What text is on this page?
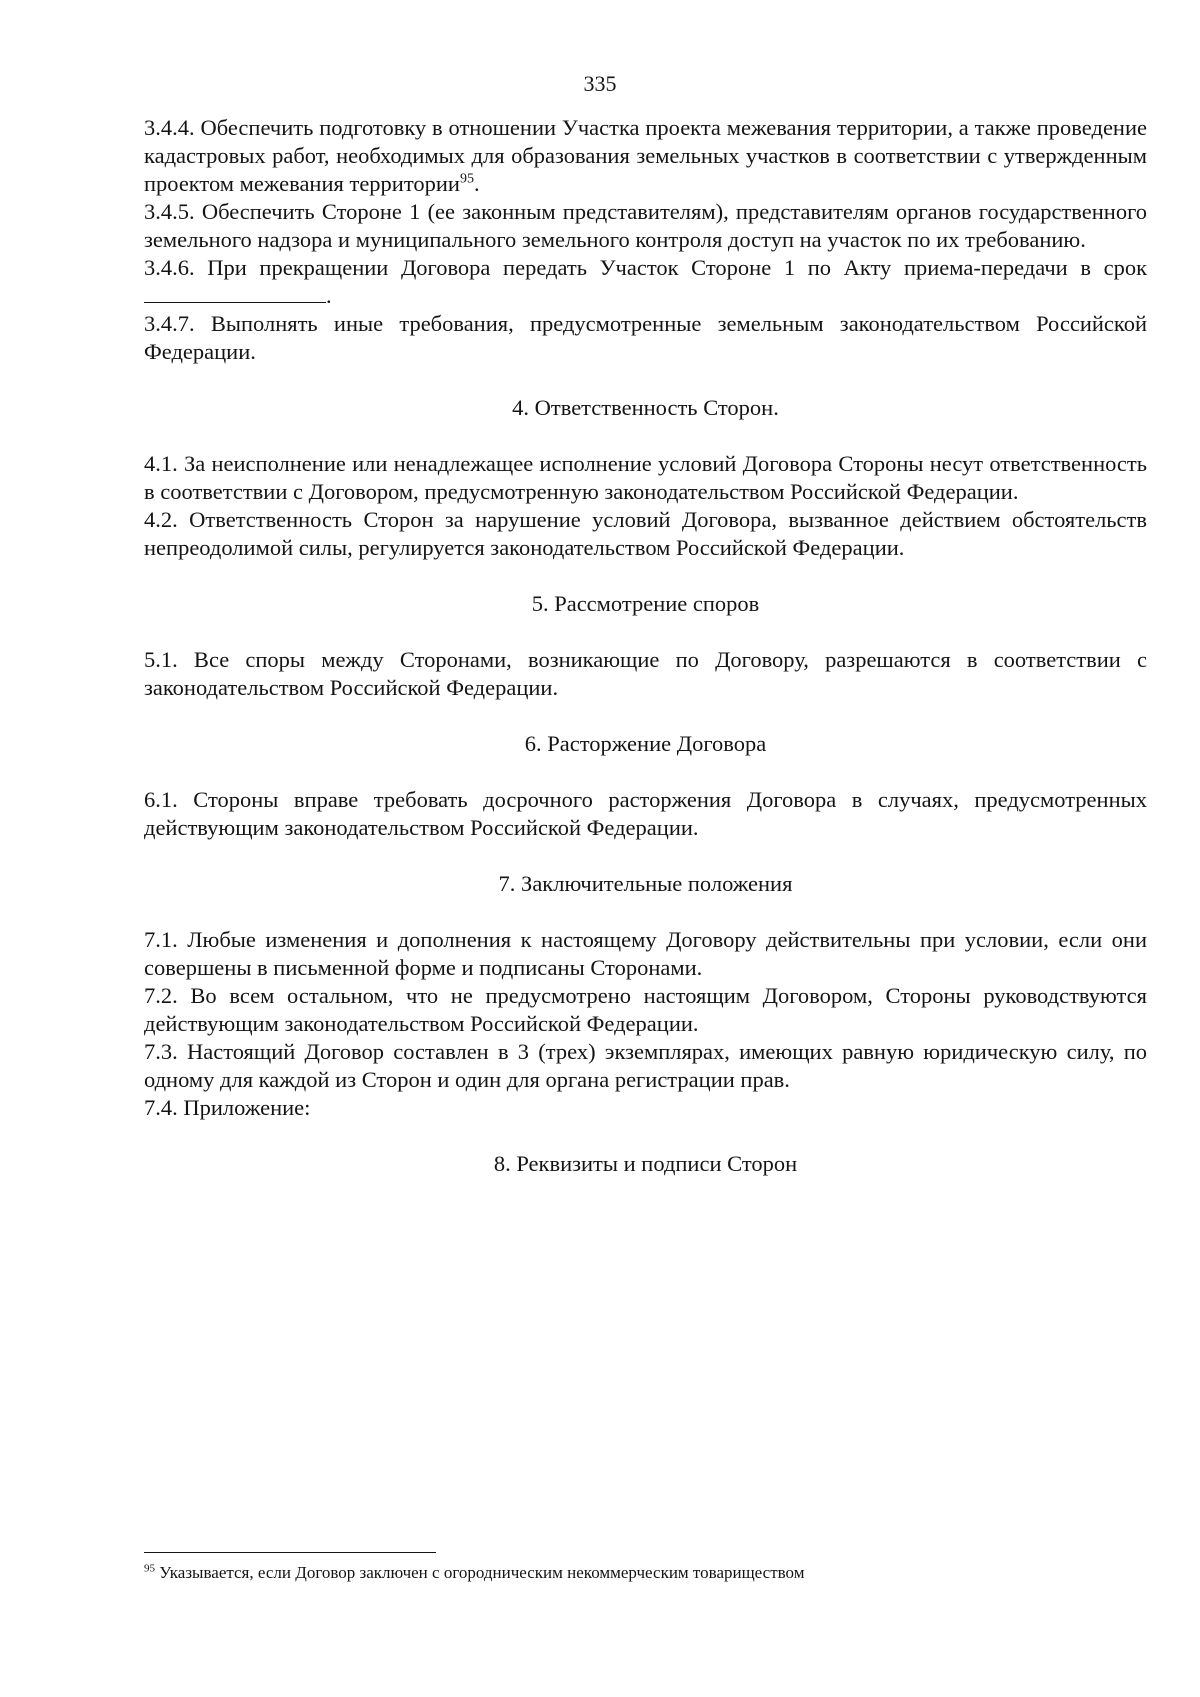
335

3.4.4. Обеспечить подготовку в отношении Участка проекта межевания территории, а также проведение кадастровых работ, необходимых для образования земельных участков в соответствии с утвержденным проектом межевания территории$^{95}$.

3.4.5. Обеспечить Стороне 1 (ее законным представителям), представителям органов государственного земельного надзора и муниципального земельного контроля доступ на участок по их требованию.

3.4.6. При прекращении Договора передать Участок Стороне 1 по Акту приема-передачи в срок .

3.4.7. Выполнять иные требования, предусмотренные земельным законодательством Российской Федерации.

4. Ответственность Сторон.

4.1. За неисполнение или ненадлежащее исполнение условий Договора Стороны несут ответственность в соответствии с Договором, предусмотренную законодательством Российской Федерации.

4.2. Ответственность Сторон за нарушение условий Договора, вызванное действием обстоятельств непреодолимой силы, регулируется законодательством Российской Федерации.

5. Рассмотрение споров

5.1. Все споры между Сторонами, возникающие по Договору, разрешаются в соответствии с законодательством Российской Федерации.

6. Расторжение Договора

6.1. Стороны вправе требовать досрочного расторжения Договора в случаях, предусмотренных действующим законодательством Российской Федерации.

7. Заключительные положения

7.1. Любые изменения и дополнения к настоящему Договору действительны при условии, если они совершены в письменной форме и подписаны Сторонами.

7.2. Во всем остальном, что не предусмотрено настоящим Договором, Стороны руководствуются действующим законодательством Российской Федерации.

7.3. Настоящий Договор составлен в 3 (трех) экземплярах, имеющих равную юридическую силу, по одному для каждой из Сторон и один для органа регистрации прав.

7.4. Приложение:

8. Реквизиты и подписи Сторон

$^{95}$ Указывается, если Договор заключен с огородническим некоммерческим товариществом
